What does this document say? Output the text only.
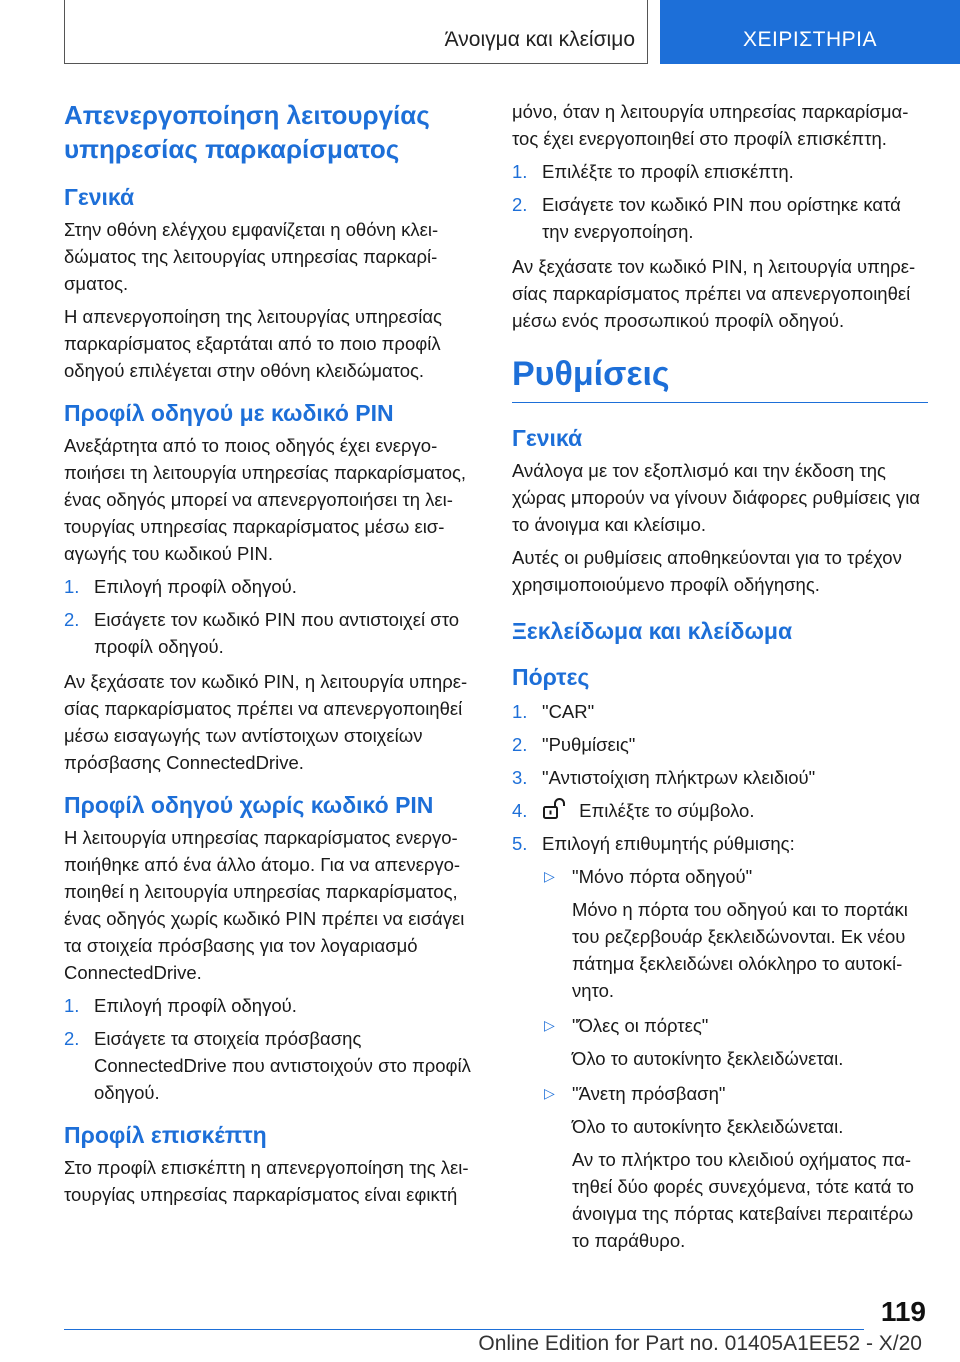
Άνοιγμα και κλείσιμο	ΧΕΙΡΙΣΤΗΡΙΑ
Απενεργοποίηση λειτουργίας υπηρεσίας παρκαρίσματος
Γενικά

Στην οθόνη ελέγχου εμφανίζεται η οθόνη κλειδώματος της λειτουργίας υπηρεσίας παρκαρίσματος.

Η απενεργοποίηση της λειτουργίας υπηρεσίας παρκαρίσματος εξαρτάται από το ποιο προφίλ οδηγού επιλέγεται στην οθόνη κλειδώματος.

Προφίλ οδηγού με κωδικό PIN

Ανεξάρτητα από το ποιος οδηγός έχει ενεργοποιήσει τη λειτουργία υπηρεσίας παρκαρίσματος, ένας οδηγός μπορεί να απενεργοποιήσει τη λειτουργίας υπηρεσίας παρκαρίσματος μέσω εισαγωγής του κωδικού PIN.

1. Επιλογή προφίλ οδηγού.
2. Εισάγετε τον κωδικό PIN που αντιστοιχεί στο προφίλ οδηγού.

Αν ξεχάσατε τον κωδικό PIN, η λειτουργία υπηρεσίας παρκαρίσματος πρέπει να απενεργοποιηθεί μέσω εισαγωγής των αντίστοιχων στοιχείων πρόσβασης ConnectedDrive.

Προφίλ οδηγού χωρίς κωδικό PIN

Η λειτουργία υπηρεσίας παρκαρίσματος ενεργοποιήθηκε από ένα άλλο άτομο. Για να απενεργοποιηθεί η λειτουργία υπηρεσίας παρκαρίσματος, ένας οδηγός χωρίς κωδικό PIN πρέπει να εισάγει τα στοιχεία πρόσβασης για τον λογαριασμό ConnectedDrive.

1. Επιλογή προφίλ οδηγού.
2. Εισάγετε τα στοιχεία πρόσβασης ConnectedDrive που αντιστοιχούν στο προφίλ οδηγού.
Προφίλ επισκέπτη

Στο προφίλ επισκέπτη η απενεργοποίηση της λειτουργίας υπηρεσίας παρκαρίσματος είναι εφικτή

μόνο, όταν η λειτουργία υπηρεσίας παρκαρίσματος έχει ενεργοποιηθεί στο προφίλ επισκέπτη.

1. Επιλέξτε το προφίλ επισκέπτη.
2. Εισάγετε τον κωδικό PIN που ορίστηκε κατά την ενεργοποίηση.

Αν ξεχάσατε τον κωδικό PIN, η λειτουργία υπηρεσίας παρκαρίσματος πρέπει να απενεργοποιηθεί μέσω ενός προσωπικού προφίλ οδηγού.

Ρυθμίσεις
Γενικά

Ανάλογα με τον εξοπλισμό και την έκδοση της χώρας μπορούν να γίνουν διάφορες ρυθμίσεις για το άνοιγμα και κλείσιμο.

Αυτές οι ρυθμίσεις αποθηκεύονται για το τρέχον χρησιμοποιούμενο προφίλ οδήγησης.

Ξεκλείδωμα και κλείδωμα
Πόρτες
1. "CAR"
2. "Ρυθμίσεις"
3. "Αντιστοίχιση πλήκτρων κλειδιού"
4.	Επιλέξτε το σύμβολο.
5. Επιλογή επιθυμητής ρύθμισης:
▷ "Μόνο πόρτα οδηγού"
Μόνο η πόρτα του οδηγού και το πορτάκι του ρεζερβουάρ ξεκλειδώνονται. Εκ νέου πάτημα ξεκλειδώνει ολόκληρο το αυτοκίνητο.
▷ "Όλες οι πόρτες"
Όλο το αυτοκίνητο ξεκλειδώνεται.
▷ "Άνετη πρόσβαση"
Όλο το αυτοκίνητο ξεκλειδώνεται.
Αν το πλήκτρο του κλειδιού οχήματος πατηθεί δύο φορές συνεχόμενα, τότε κατά το άνοιγμα της πόρτας κατεβαίνει περαιτέρω το παράθυρο.
119
Online Edition for Part no. 01405A1EE52 - X/20
